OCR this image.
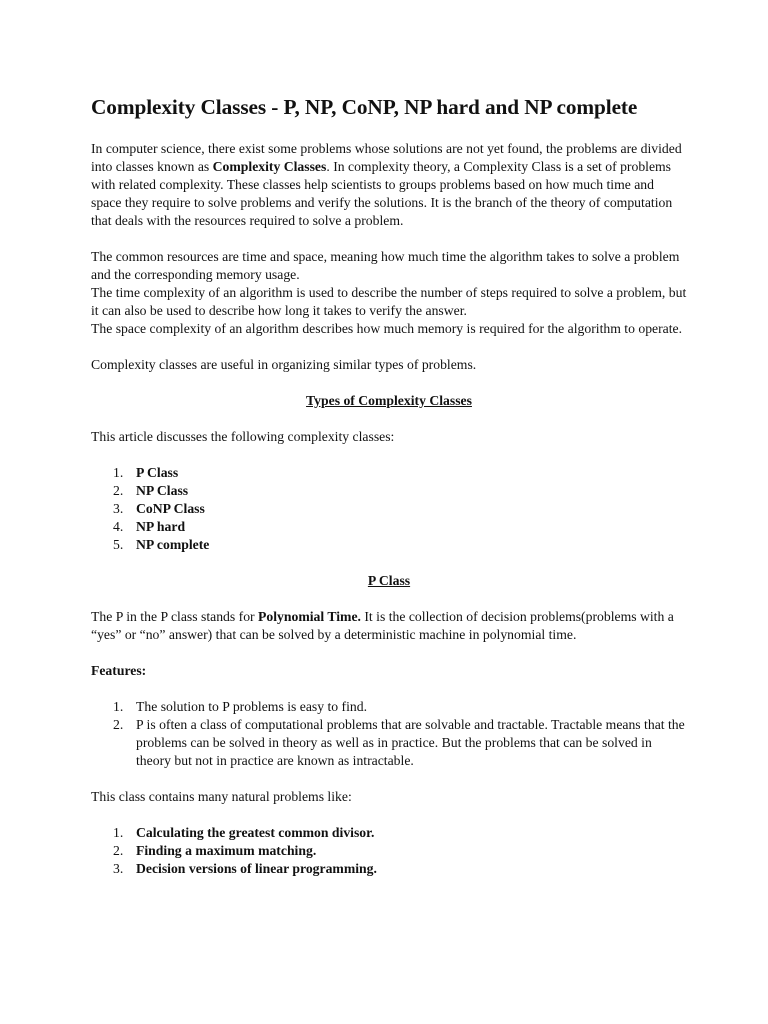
Complexity Classes - P, NP, CoNP, NP hard and NP complete

In computer science, there exist some problems whose solutions are not yet found, the problems are divided into classes known as Complexity Classes. In complexity theory, a Complexity Class is a set of problems with related complexity. These classes help scientists to groups problems based on how much time and space they require to solve problems and verify the solutions. It is the branch of the theory of computation that deals with the resources required to solve a problem.

The common resources are time and space, meaning how much time the algorithm takes to solve a problem and the corresponding memory usage.

The time complexity of an algorithm is used to describe the number of steps required to solve a problem, but it can also be used to describe how long it takes to verify the answer.

The space complexity of an algorithm describes how much memory is required for the algorithm to operate.

Complexity classes are useful in organizing similar types of problems.

Types of Complexity Classes

This article discusses the following complexity classes:

1. P Class
2. NP Class
3. CoNP Class
4. NP hard
5. NP complete

P Class

The P in the P class stands for Polynomial Time. It is the collection of decision problems(problems with a “yes” or “no” answer) that can be solved by a deterministic machine in polynomial time.

Features:

1. The solution to P problems is easy to find.
2. P is often a class of computational problems that are solvable and tractable. Tractable means that the problems can be solved in theory as well as in practice. But the problems that can be solved in theory but not in practice are known as intractable.

This class contains many natural problems like:

1. Calculating the greatest common divisor.
2. Finding a maximum matching.
3. Decision versions of linear programming.
